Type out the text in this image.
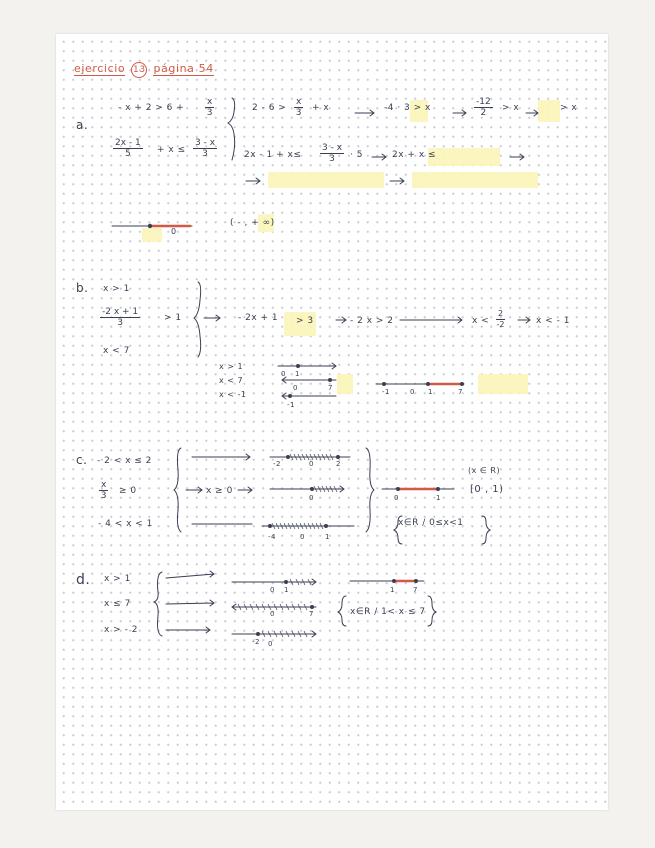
ejercicio 13 página 54
a.
- $x + 2 > 6 + \frac{x}{3}$
$\frac{2x - 1}{5} + x \le \frac{3 - x}{3}$
$2 - 6 > \frac{x}{3} + x$	-4 · 3 > x	$\frac{-12}{2} > x$	> x
$2x - 1 + x\le \frac{3 - x}{3} \cdot 5$	2x + x ≤
0
( - , + ∞)
b. x > 1
$\frac{-2 x + 1}{3}$	> 1
x < 7
- 2x + 1 > 3	- 2 x > 2	$x < \frac{2}{-2}$	x < - 1
x > 1
x < 7
x < -1
0 1
0	7
-1
-1	0 1	7
c. - 2 < x ≤ 2
$\frac{x}{3} \ge 0$
- 4 < x < 1
x ≥ 0
-2	0	2
0
-4	0	1
0	1
(x ∈ R)
[0 , 1)
x∈R / 0≤x<1
d. x > 1
x ≤ 7
x > - 2
0 1
0	7
-2 0
1	7
x∈R / 1< x ≤ 7
